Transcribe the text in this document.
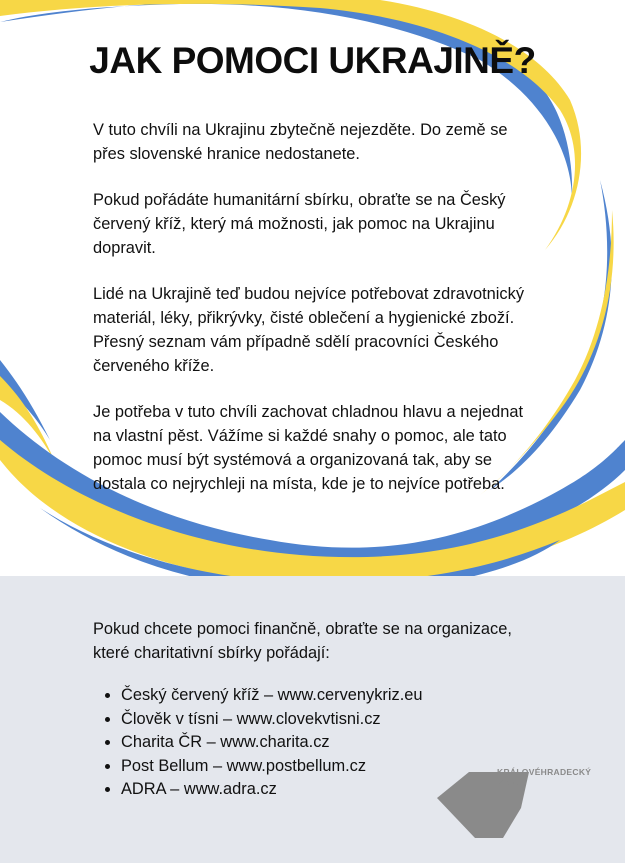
JAK POMOCI UKRAJINĚ?

V tuto chvíli na Ukrajinu zbytečně nejezděte. Do země se přes slovenské hranice nedostanete.

Pokud pořádáte humanitární sbírku, obraťte se na Český červený kříž, který má možnosti, jak pomoc na Ukrajinu dopravit.

Lidé na Ukrajině teď budou nejvíce potřebovat zdravotnický materiál, léky, přikrývky, čisté oblečení a hygienické zboží. Přesný seznam vám případně sdělí pracovníci Českého červeného kříže.

Je potřeba v tuto chvíli zachovat chladnou hlavu a nejednat na vlastní pěst. Vážíme si každé snahy o pomoc, ale tato pomoc musí být systémová a organizovaná tak, aby se dostala co nejrychleji na místa, kde je to nejvíce potřeba.

Pokud chcete pomoci finančně, obraťte se na organizace, které charitativní sbírky pořádají:

• Český červený kříž – www.cervenykriz.eu
• Člověk v tísni – www.clovekvtisni.cz
• Charita ČR – www.charita.cz
• Post Bellum – www.postbellum.cz
• ADRA – www.adra.cz
KRÁLOVÉHRADECKÝ
KRAJ
